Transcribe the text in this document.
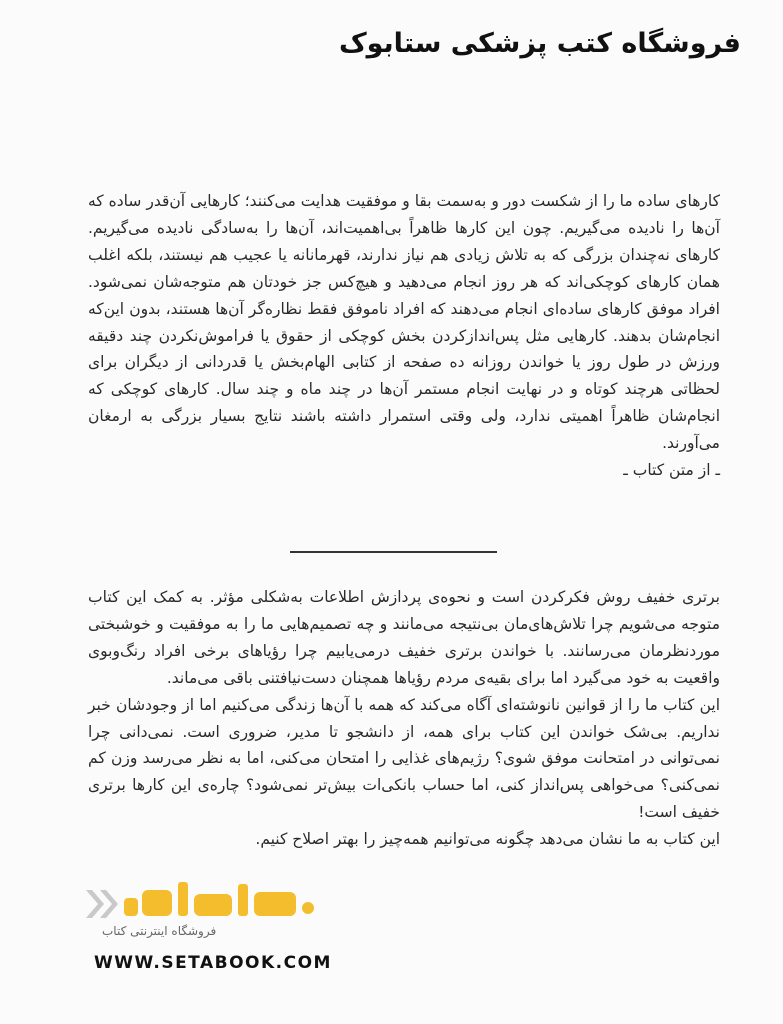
فروشگاه کتب پزشکی ستابوک

کارهای ساده ما را از شکست دور و به‌سمت بقا و موفقیت هدایت می‌کنند؛ کارهایی آن‌قدر ساده که آن‌ها را نادیده می‌گیریم. چون این کارها ظاهراً بی‌اهمیت‌اند، آن‌ها را به‌سادگی نادیده می‌گیریم. کارهای نه‌چندان بزرگی که به تلاش زیادی هم نیاز ندارند، قهرمانانه یا عجیب هم نیستند، بلکه اغلب همان کارهای کوچکی‌اند که هر روز انجام می‌دهید و هیچ‌کس جز خودتان هم متوجه‌شان نمی‌شود. افراد موفق کارهای ساده‌ای انجام می‌دهند که افراد ناموفق فقط نظاره‌گر آن‌ها هستند، بدون این‌که انجام‌شان بدهند. کارهایی مثل پس‌اندازکردن بخش کوچکی از حقوق یا فراموش‌نکردن چند دقیقه ورزش در طول روز یا خواندن روزانه ده صفحه از کتابی الهام‌بخش یا قدردانی از دیگران برای لحظاتی هرچند کوتاه و در نهایت انجام مستمر آن‌ها در چند ماه و چند سال. کارهای کوچکی که انجام‌شان ظاهراً اهمیتی ندارد، ولی وقتی استمرار داشته باشند نتایج بسیار بزرگی به ارمغان می‌آورند.

ـ از متن کتاب ـ

برتری خفیف روش فکرکردن است و نحوه‌ی پردازش اطلاعات به‌شکلی مؤثر. به کمک این کتاب متوجه می‌شویم چرا تلاش‌های‌مان بی‌نتیجه می‌مانند و چه تصمیم‌هایی ما را به موفقیت و خوشبختی موردنظرمان می‌رسانند. با خواندن برتری خفیف درمی‌یابیم چرا رؤیاهای برخی افراد رنگ‌وبوی واقعیت به خود می‌گیرد اما برای بقیه‌ی مردم رؤیاها همچنان دست‌نیافتنی باقی می‌ماند.

این کتاب ما را از قوانین نانوشته‌ای آگاه می‌کند که همه با آن‌ها زندگی می‌کنیم اما از وجودشان خبر نداریم. بی‌شک خواندن این کتاب برای همه، از دانشجو تا مدیر، ضروری است. نمی‌دانی چرا نمی‌توانی در امتحانت موفق شوی؟ رژیم‌های غذایی را امتحان می‌کنی، اما به نظر می‌رسد وزن کم نمی‌کنی؟ می‌خواهی پس‌انداز کنی، اما حساب بانکی‌ات بیش‌تر نمی‌شود؟ چاره‌ی این کارها برتری خفیف است!

این کتاب به ما نشان می‌دهد چگونه می‌توانیم همه‌چیز را بهتر اصلاح کنیم.

فروشگاه اینترنتی کتاب
WWW.SETABOOK.COM
